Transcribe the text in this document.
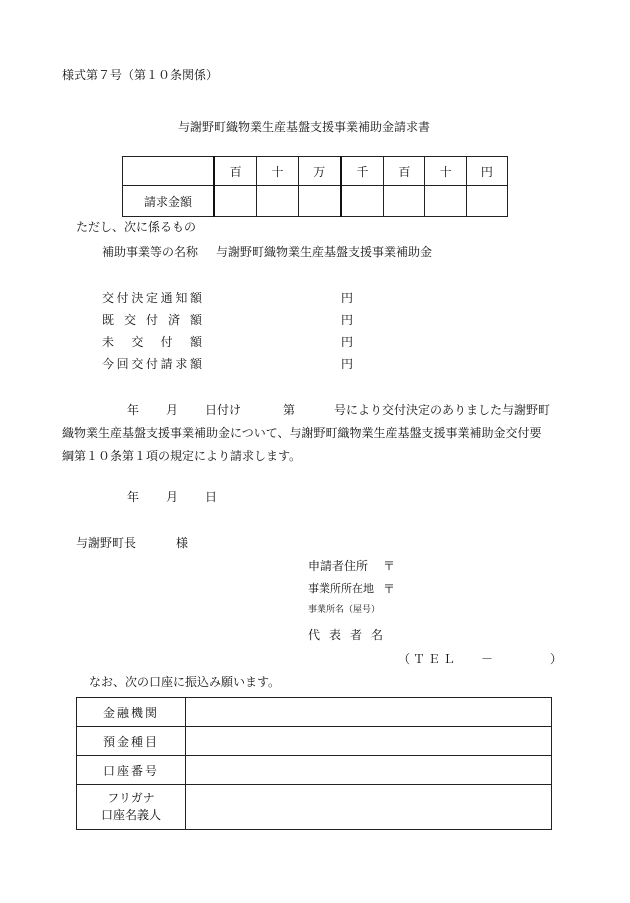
様式第７号（第１０条関係）
与謝野町織物業生産基盤支援事業補助金請求書
	百	十	万	千	百	十	円
請求金額							
ただし、次に係るもの
補助事業等の名称 与謝野町織物業生産基盤支援事業補助金
交付決定通知額	円
既交付済額	円
未交付額	円
今回交付請求額	円
年 月 日付け	第	号により交付決定のありました与謝野町
織物業生産基盤支援事業補助金について、与謝野町織物業生産基盤支援事業補助金交付要
綱第１０条第１項の規定により請求します。
年 月 日
与謝野町長	様
申請者住所 〒
事業所所在地 〒
事業所名（屋号）
代表者名
（ＴＥＬ －	）
なお、次の口座に振込み願います。
金融機関	
預金種目	
口座番号	

フリガナ
口座名義人	
